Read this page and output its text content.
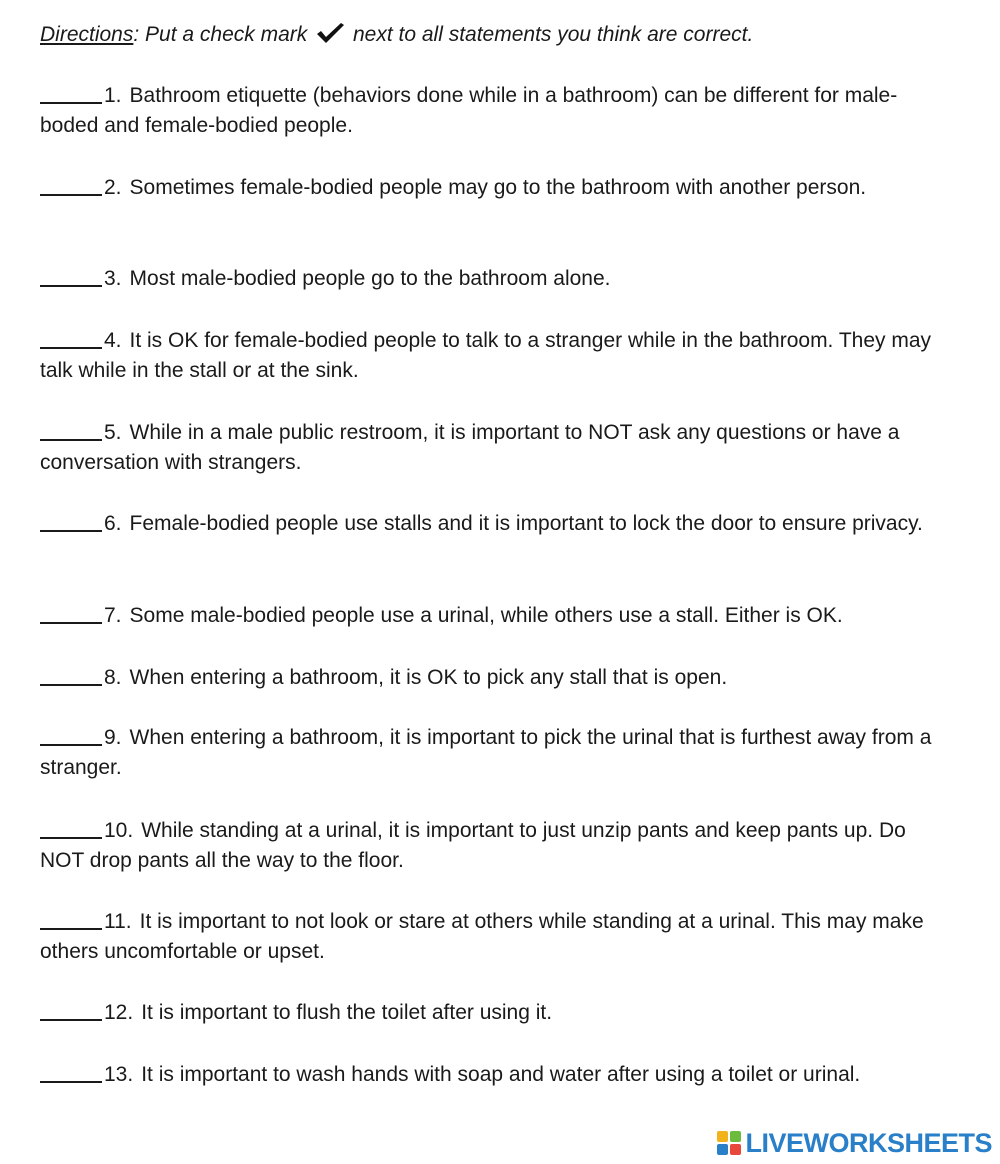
Directions: Put a check mark next to all statements you think are correct.
1. Bathroom etiquette (behaviors done while in a bathroom) can be different for male-boded and female-bodied people.
2. Sometimes female-bodied people may go to the bathroom with another person.
3. Most male-bodied people go to the bathroom alone.
4. It is OK for female-bodied people to talk to a stranger while in the bathroom. They may talk while in the stall or at the sink.
5. While in a male public restroom, it is important to NOT ask any questions or have a conversation with strangers.
6. Female-bodied people use stalls and it is important to lock the door to ensure privacy.
7. Some male-bodied people use a urinal, while others use a stall. Either is OK.
8. When entering a bathroom, it is OK to pick any stall that is open.
9. When entering a bathroom, it is important to pick the urinal that is furthest away from a stranger.
10. While standing at a urinal, it is important to just unzip pants and keep pants up. Do NOT drop pants all the way to the floor.
11. It is important to not look or stare at others while standing at a urinal. This may make others uncomfortable or upset.
12. It is important to flush the toilet after using it.
13. It is important to wash hands with soap and water after using a toilet or urinal.
LIVEWORKSHEETS
